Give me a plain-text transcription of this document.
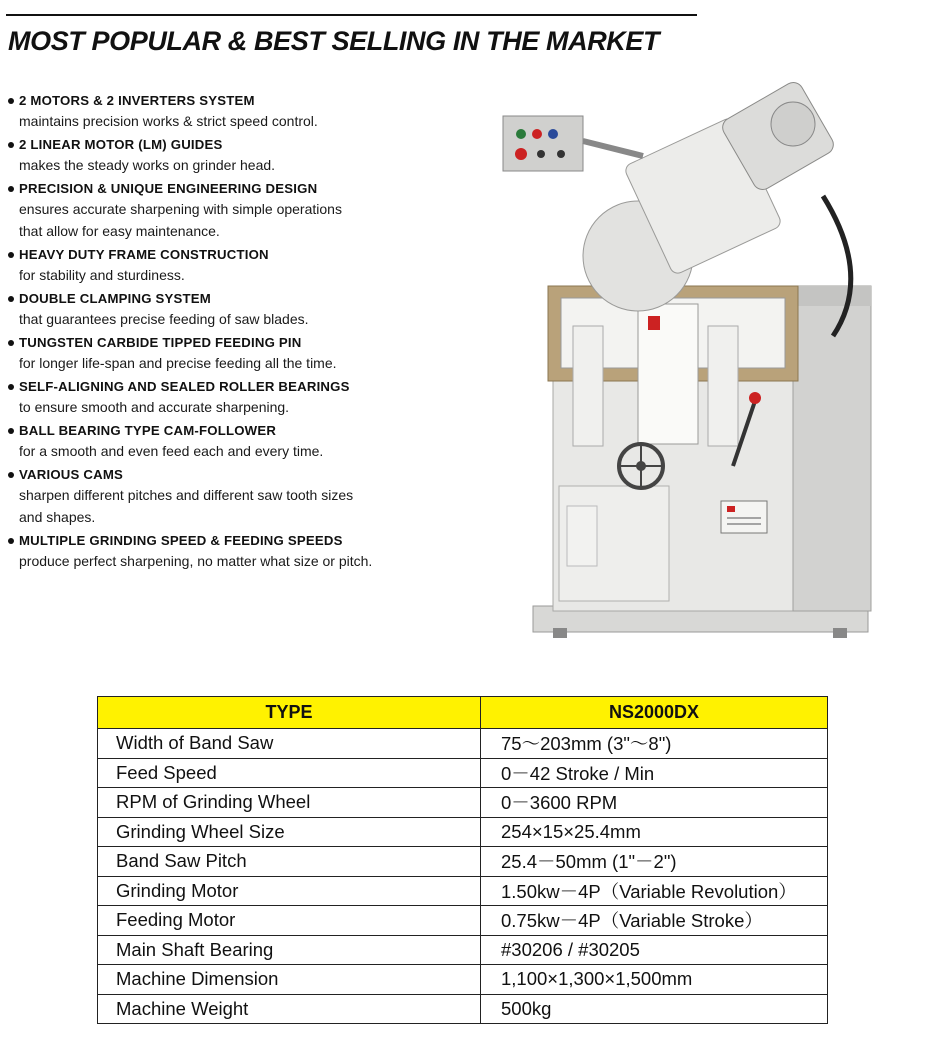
MOST POPULAR & BEST SELLING IN THE MARKET
2 MOTORS & 2 INVERTERS SYSTEM
maintains precision works & strict speed control.
2 LINEAR MOTOR (LM) GUIDES
makes the steady works on grinder head.
PRECISION & UNIQUE ENGINEERING DESIGN
ensures accurate sharpening with simple operations
that allow for easy maintenance.
HEAVY DUTY FRAME CONSTRUCTION
for stability and sturdiness.
DOUBLE CLAMPING SYSTEM
that guarantees precise feeding of saw blades.
TUNGSTEN CARBIDE TIPPED FEEDING PIN
for longer life-span and precise feeding all the time.
SELF-ALIGNING AND SEALED ROLLER BEARINGS
to ensure smooth and accurate sharpening.
BALL BEARING TYPE CAM-FOLLOWER
for a smooth and even feed each and every time.
VARIOUS CAMS
sharpen different pitches and different saw tooth sizes
and shapes.
MULTIPLE GRINDING SPEED & FEEDING SPEEDS
produce perfect sharpening, no matter what size or pitch.
TYPE	NS2000DX
Width of Band Saw	75～203mm (3"～8")
Feed Speed	0－42 Stroke / Min
RPM of Grinding Wheel	0－3600 RPM
Grinding Wheel Size	254×15×25.4mm
Band Saw Pitch	25.4－50mm (1"－2")
Grinding Motor	1.50kw－4P（Variable Revolution）
Feeding Motor	0.75kw－4P（Variable Stroke）
Main Shaft Bearing	#30206 / #30205
Machine Dimension	1,100×1,300×1,500mm
Machine Weight	500kg
